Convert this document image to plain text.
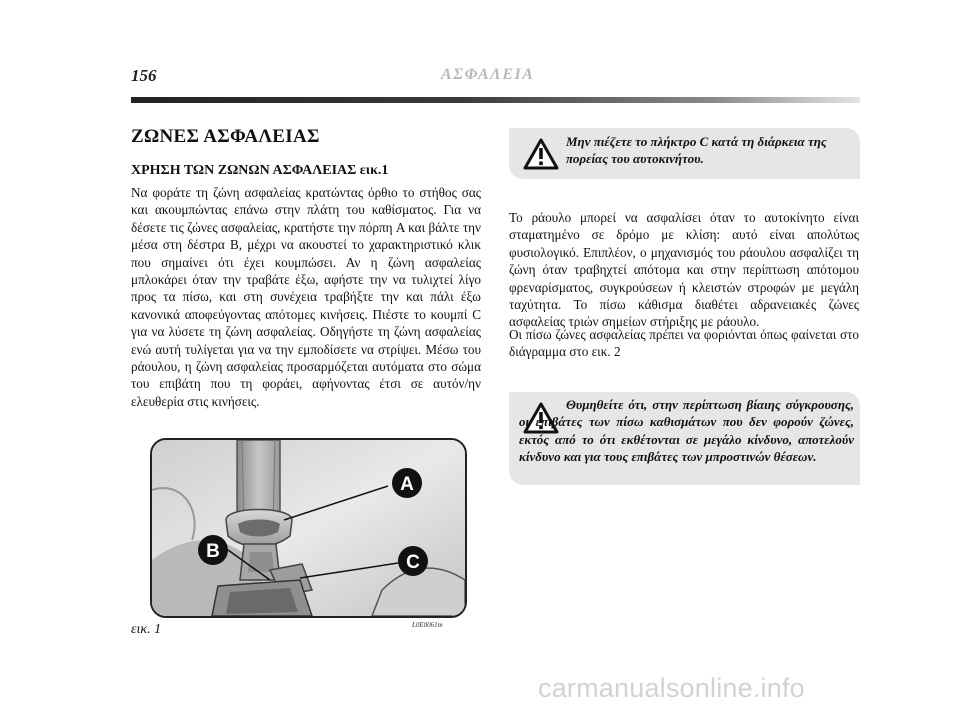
156	ΑΣΦΑΛΕΙΑ
ΖΩΝΕΣ ΑΣΦΑΛΕΙΑΣ
ΧΡΗΣΗ ΤΩΝ ΖΩΝΩΝ ΑΣΦΑΛΕΙΑΣ εικ.1

Να φοράτε τη ζώνη ασφαλείας κρατώντας όρθιο το στήθος σας και ακουμπώντας επάνω στην πλάτη του καθίσματος. Για να δέσετε τις ζώνες ασφαλείας, κρατήστε την πόρπη A και βάλτε την μέσα στη δέστρα B, μέχρι να ακουστεί το χαρακτηριστικό κλικ που σημαίνει ότι έχει κουμπώσει. Αν η ζώνη ασφαλείας μπλοκάρει όταν την τραβάτε έξω, αφήστε την να τυλιχτεί λίγο προς τα πίσω, και στη συνέχεια τραβήξτε την και πάλι έξω κανονικά αποφεύγοντας απότομες κινήσεις. Πιέστε το κουμπί C για να λύσετε τη ζώνη ασφαλείας. Οδηγήστε τη ζώνη ασφαλείας ενώ αυτή τυλίγεται για να την εμποδίσετε να στρίψει. Μέσω του ράουλου, η ζώνη ασφαλείας προσαρμόζεται αυτόματα στο σώμα του επιβάτη που τη φοράει, αφήνοντας έτσι σε αυτόν/ην ελευθερία στις κινήσεις.

A
B
C
εικ. 1	L0E0061m

Μην πιέζετε το πλήκτρο C κατά τη διάρκεια της πορείας του αυτοκινήτου.

Το ράουλο μπορεί να ασφαλίσει όταν το αυτοκίνητο είναι σταματημένο σε δρόμο με κλίση: αυτό είναι απολύτως φυσιολογικό. Επιπλέον, ο μηχανισμός του ράουλου ασφαλίζει τη ζώνη όταν τραβηχτεί απότομα και στην περίπτωση απότομου φρεναρίσματος, συγκρούσεων ή κλειστών στροφών με μεγάλη ταχύτητα. Το πίσω κάθισμα διαθέτει αδρανειακές ζώνες ασφαλείας τριών σημείων στήριξης με ράουλο.

Οι πίσω ζώνες ασφαλείας πρέπει να φοριόνται όπως φαίνεται στο διάγραμμα στο εικ. 2

Θυμηθείτε ότι, στην περίπτωση βίαιης σύγκρουσης, οι επιβάτες των πίσω καθισμάτων που δεν φορούν ζώνες, εκτός από το ότι εκθέτονται σε μεγάλο κίνδυνο, αποτελούν κίνδυνο και για τους επιβάτες των μπροστινών θέσεων.

carmanualsonline.info
